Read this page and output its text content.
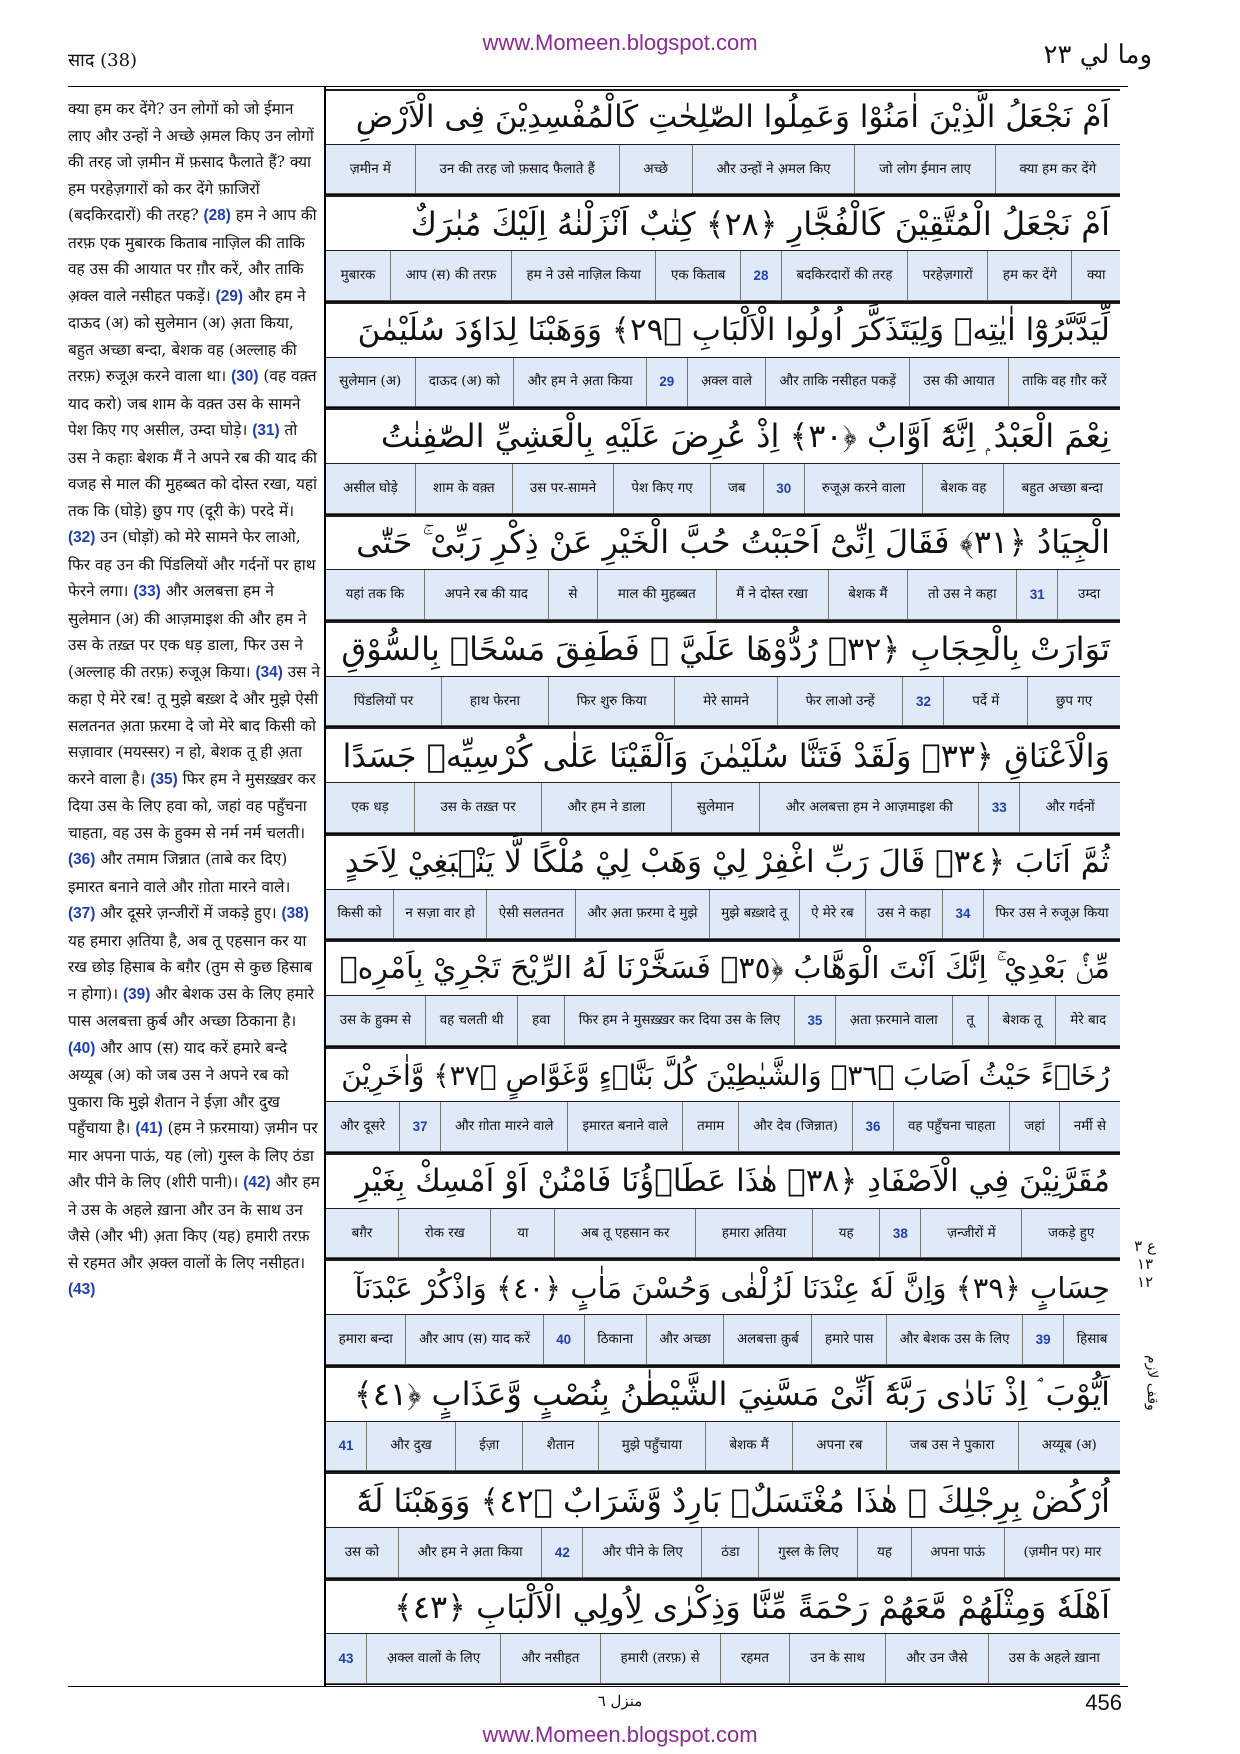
www.Momeen.blogspot.com
साद (38)	وما لي ٢٣
क्या हम कर देंगे? उन लोगों को जो ईमान लाए और उन्हों ने अच्छे अ़मल किए उन लोगों की तरह जो ज़मीन में फ़साद फैलाते हैं? क्या हम परहेज़गारों को कर देंगे फ़ाजिरों (बदकिरदारों) की तरह? (28) हम ने आप की तरफ़ एक मुबारक किताब नाज़िल की ताकि वह उस की आयात पर ग़ौर करें, और ताकि अ़क्ल वाले नसीहत पकड़ें। (29) और हम ने दाऊद (अ) को सुलेमान (अ) अ़ता किया, बहुत अच्छा बन्दा, बेशक वह (अल्लाह की तरफ़) रुजूअ़ करने वाला था। (30) (वह वक़्त याद करो) जब शाम के वक़्त उस के सामने पेश किए गए असील, उम्दा घोड़े। (31) तो उस ने कहाः बेशक मैं ने अपने रब की याद की वजह से माल की मुहब्बत को दोस्त रखा, यहां तक कि (घोड़े) छुप गए (दूरी के) परदे में। (32) उन (घोड़ों) को मेरे सामने फेर लाओ, फिर वह उन की पिंडलियों और गर्दनों पर हाथ फेरने लगा। (33) और अलबत्ता हम ने सुलेमान (अ) की आज़माइश की और हम ने उस के तख़्त पर एक धड़ डाला, फिर उस ने (अल्लाह की तरफ़) रुजूअ़ किया। (34) उस ने कहा ऐ मेरे रब! तू मुझे बख़्श दे और मुझे ऐसी सलतनत अ़ता फ़रमा दे जो मेरे बाद किसी को सज़ावार (मयस्सर) न हो, बेशक तू ही अ़ता करने वाला है। (35) फिर हम ने मुसख़्ख़र कर दिया उस के लिए हवा को, जहां वह पहुँचना चाहता, वह उस के हुक्म से नर्म नर्म चलती। (36) और तमाम जिन्नात (ताबे कर दिए) इमारत बनाने वाले और ग़ोता मारने वाले। (37) और दूसरे ज़न्जीरों में जकड़े हुए। (38) यह हमारा अ़तिया है, अब तू एहसान कर या रख छोड़ हिसाब के बग़ैर (तुम से कुछ हिसाब न होगा)। (39) और बेशक उस के लिए हमारे पास अलबत्ता क़ुर्ब और अच्छा ठिकाना है। (40) और आप (स) याद करें हमारे बन्दे अय्यूब (अ) को जब उस ने अपने रब को पुकारा कि मुझे शैतान ने ईज़ा और दुख पहुँचाया है। (41) (हम ने फ़रमाया) ज़मीन पर मार अपना पाऊं, यह (लो) गुस्ल के लिए ठंडा और पीने के लिए (शीरी पानी)। (42) और हम ने उस के अहले ख़ाना और उन के साथ उन जैसे (और भी) अ़ता किए (यह) हमारी तरफ़ से रहमत और अ़क्ल वालों के लिए नसीहत। (43)
اَمْ نَجْعَلُ الَّذِيْنَ اٰمَنُوْا وَعَمِلُوا الصّٰلِحٰتِ كَالْمُفْسِدِيْنَ فِى الْاَرْضِ
क्या हम कर देंगे
जो लोग ईमान लाए
और उन्हों ने अ़मल किए
अच्छे
उन की तरह जो फ़साद फैलाते हैं
ज़मीन में
اَمْ نَجْعَلُ الْمُتَّقِيْنَ كَالْفُجَّارِ ﴿٢٨﴾ كِتٰبٌ اَنْزَلْنٰهُ اِلَيْكَ مُبٰرَكٌ
क्या
हम कर देंगे
परहेज़गारों
बदकिरदारों की तरह
28
एक किताब
हम ने उसे नाज़िल किया
आप (स) की तरफ़
मुबारक
لِّيَدَّبَّرُوْٓا اٰيٰتِهٖ وَلِيَتَذَكَّرَ اُولُوا الْاَلْبَابِ ﴿٢٩﴾ وَوَهَبْنَا لِدَاوٗدَ سُلَيْمٰنَ
ताकि वह ग़ौर करें
उस की आयात
और ताकि नसीहत पकड़ें
अ़क्ल वाले
29
और हम ने अ़ता किया
दाऊद (अ) को
सुलेमान (अ)
نِعْمَ الْعَبْدُ ۭ اِنَّهٗٓ اَوَّابٌ ﴿٣٠﴾ اِذْ عُرِضَ عَلَيْهِ بِالْعَشِيِّ الصّٰفِنٰتُ
बहुत अच्छा बन्दा
बेशक वह
रुजूअ़ करने वाला
30
जब
पेश किए गए
उस पर-सामने
शाम के वक़्त
असील घोड़े
الْجِيَادُ ﴿٣١﴾ فَقَالَ اِنِّىْٓ اَحْبَبْتُ حُبَّ الْخَيْرِ عَنْ ذِكْرِ رَبِّىْ ۚ حَتّٰى
उम्दा
31
तो उस ने कहा
बेशक मैं
मैं ने दोस्त रखा
माल की मुहब्बत
से
अपने रब की याद
यहां तक कि
تَوَارَتْ بِالْحِجَابِ ﴿٣٢﴾ رُدُّوْهَا عَلَيَّ ۭ فَطَفِقَ مَسْحًاۢ بِالسُّوْقِ
छुप गए
पर्दे में
32
फेर लाओ उन्हें
मेरे सामने
फिर शुरु किया
हाथ फेरना
पिंडलियों पर
وَالْاَعْنَاقِ ﴿٣٣﴾ وَلَقَدْ فَتَنَّا سُلَيْمٰنَ وَاَلْقَيْنَا عَلٰى كُرْسِيِّهٖ جَسَدًا
और गर्दनों
33
और अलबत्ता हम ने आज़माइश की
सुलेमान
और हम ने डाला
उस के तख़्त पर
एक धड़
ثُمَّ اَنَابَ ﴿٣٤﴾ قَالَ رَبِّ اغْفِرْ لِيْ وَهَبْ لِيْ مُلْكًا لَّا يَنْۢبَغِيْ لِاَحَدٍ
फिर उस ने रुजूअ़ किया
34
उस ने कहा
ऐ मेरे रब
मुझे बख़्शदे तू
और अ़ता फ़रमा दे मुझे
ऐसी सलतनत
न सज़ा वार हो
किसी को
مِّنْۢ بَعْدِيْ ۚ اِنَّكَ اَنْتَ الْوَهَّابُ ﴿٣٥﴾ فَسَخَّرْنَا لَهُ الرِّيْحَ تَجْرِيْ بِاَمْرِهٖ
मेरे बाद
बेशक तू
तू
अ़ता फ़रमाने वाला
35
फिर हम ने मुसख़्ख़र कर दिया उस के लिए
हवा
वह चलती थी
उस के हुक्म से
رُخَاۗءً حَيْثُ اَصَابَ ﴿٣٦﴾ وَالشَّيٰطِيْنَ كُلَّ بَنَّاۗءٍ وَّغَوَّاصٍ ﴿٣٧﴾ وَّاٰخَرِيْنَ
नर्मी से
जहां
वह पहुँचना चाहता
36
और देव (जिन्नात)
तमाम
इमारत बनाने वाले
और ग़ोता मारने वाले
37
और दूसरे
مُقَرَّنِيْنَ فِي الْاَصْفَادِ ﴿٣٨﴾ هٰذَا عَطَاۗؤُنَا فَامْنُنْ اَوْ اَمْسِكْ بِغَيْرِ
जकड़े हुए
ज़न्जीरों में
38
यह
हमारा अ़तिया
अब तू एहसान कर
या
रोक रख
बग़ैर
حِسَابٍ ﴿٣٩﴾ وَاِنَّ لَهٗ عِنْدَنَا لَزُلْفٰى وَحُسْنَ مَاٰبٍ ﴿٤٠﴾ وَاذْكُرْ عَبْدَنَآ
हिसाब
39
और बेशक उस के लिए
हमारे पास
अलबत्ता क़ुर्ब
और अच्छा
ठिकाना
40
और आप (स) याद करें
हमारा बन्दा
اَيُّوْبَ ۘ اِذْ نَادٰى رَبَّهٗٓ اَنِّىْ مَسَّنِيَ الشَّيْطٰنُ بِنُصْبٍ وَّعَذَابٍ ﴿٤١﴾
अय्यूब (अ)
जब उस ने पुकारा
अपना रब
बेशक मैं
मुझे पहुँचाया
शैतान
ईज़ा
और दुख
41
اُرْكُضْ بِرِجْلِكَ ۚ هٰذَا مُغْتَسَلٌۢ بَارِدٌ وَّشَرَابٌ ﴿٤٢﴾ وَوَهَبْنَا لَهٗٓ
(ज़मीन पर) मार
अपना पाऊं
यह
गुस्ल के लिए
ठंडा
और पीने के लिए
42
और हम ने अ़ता किया
उस को
اَهْلَهٗ وَمِثْلَهُمْ مَّعَهُمْ رَحْمَةً مِّنَّا وَذِكْرٰى لِاُولِي الْاَلْبَابِ ﴿٤٣﴾
उस के अहले ख़ाना
और उन जैसे
उन के साथ
रहमत
हमारी (तरफ़) से
और नसीहत
अ़क्ल वालों के लिए
43
ع ۳ ١٣ ١٢
وقف لازم
منزل ٦	456
www.Momeen.blogspot.com
